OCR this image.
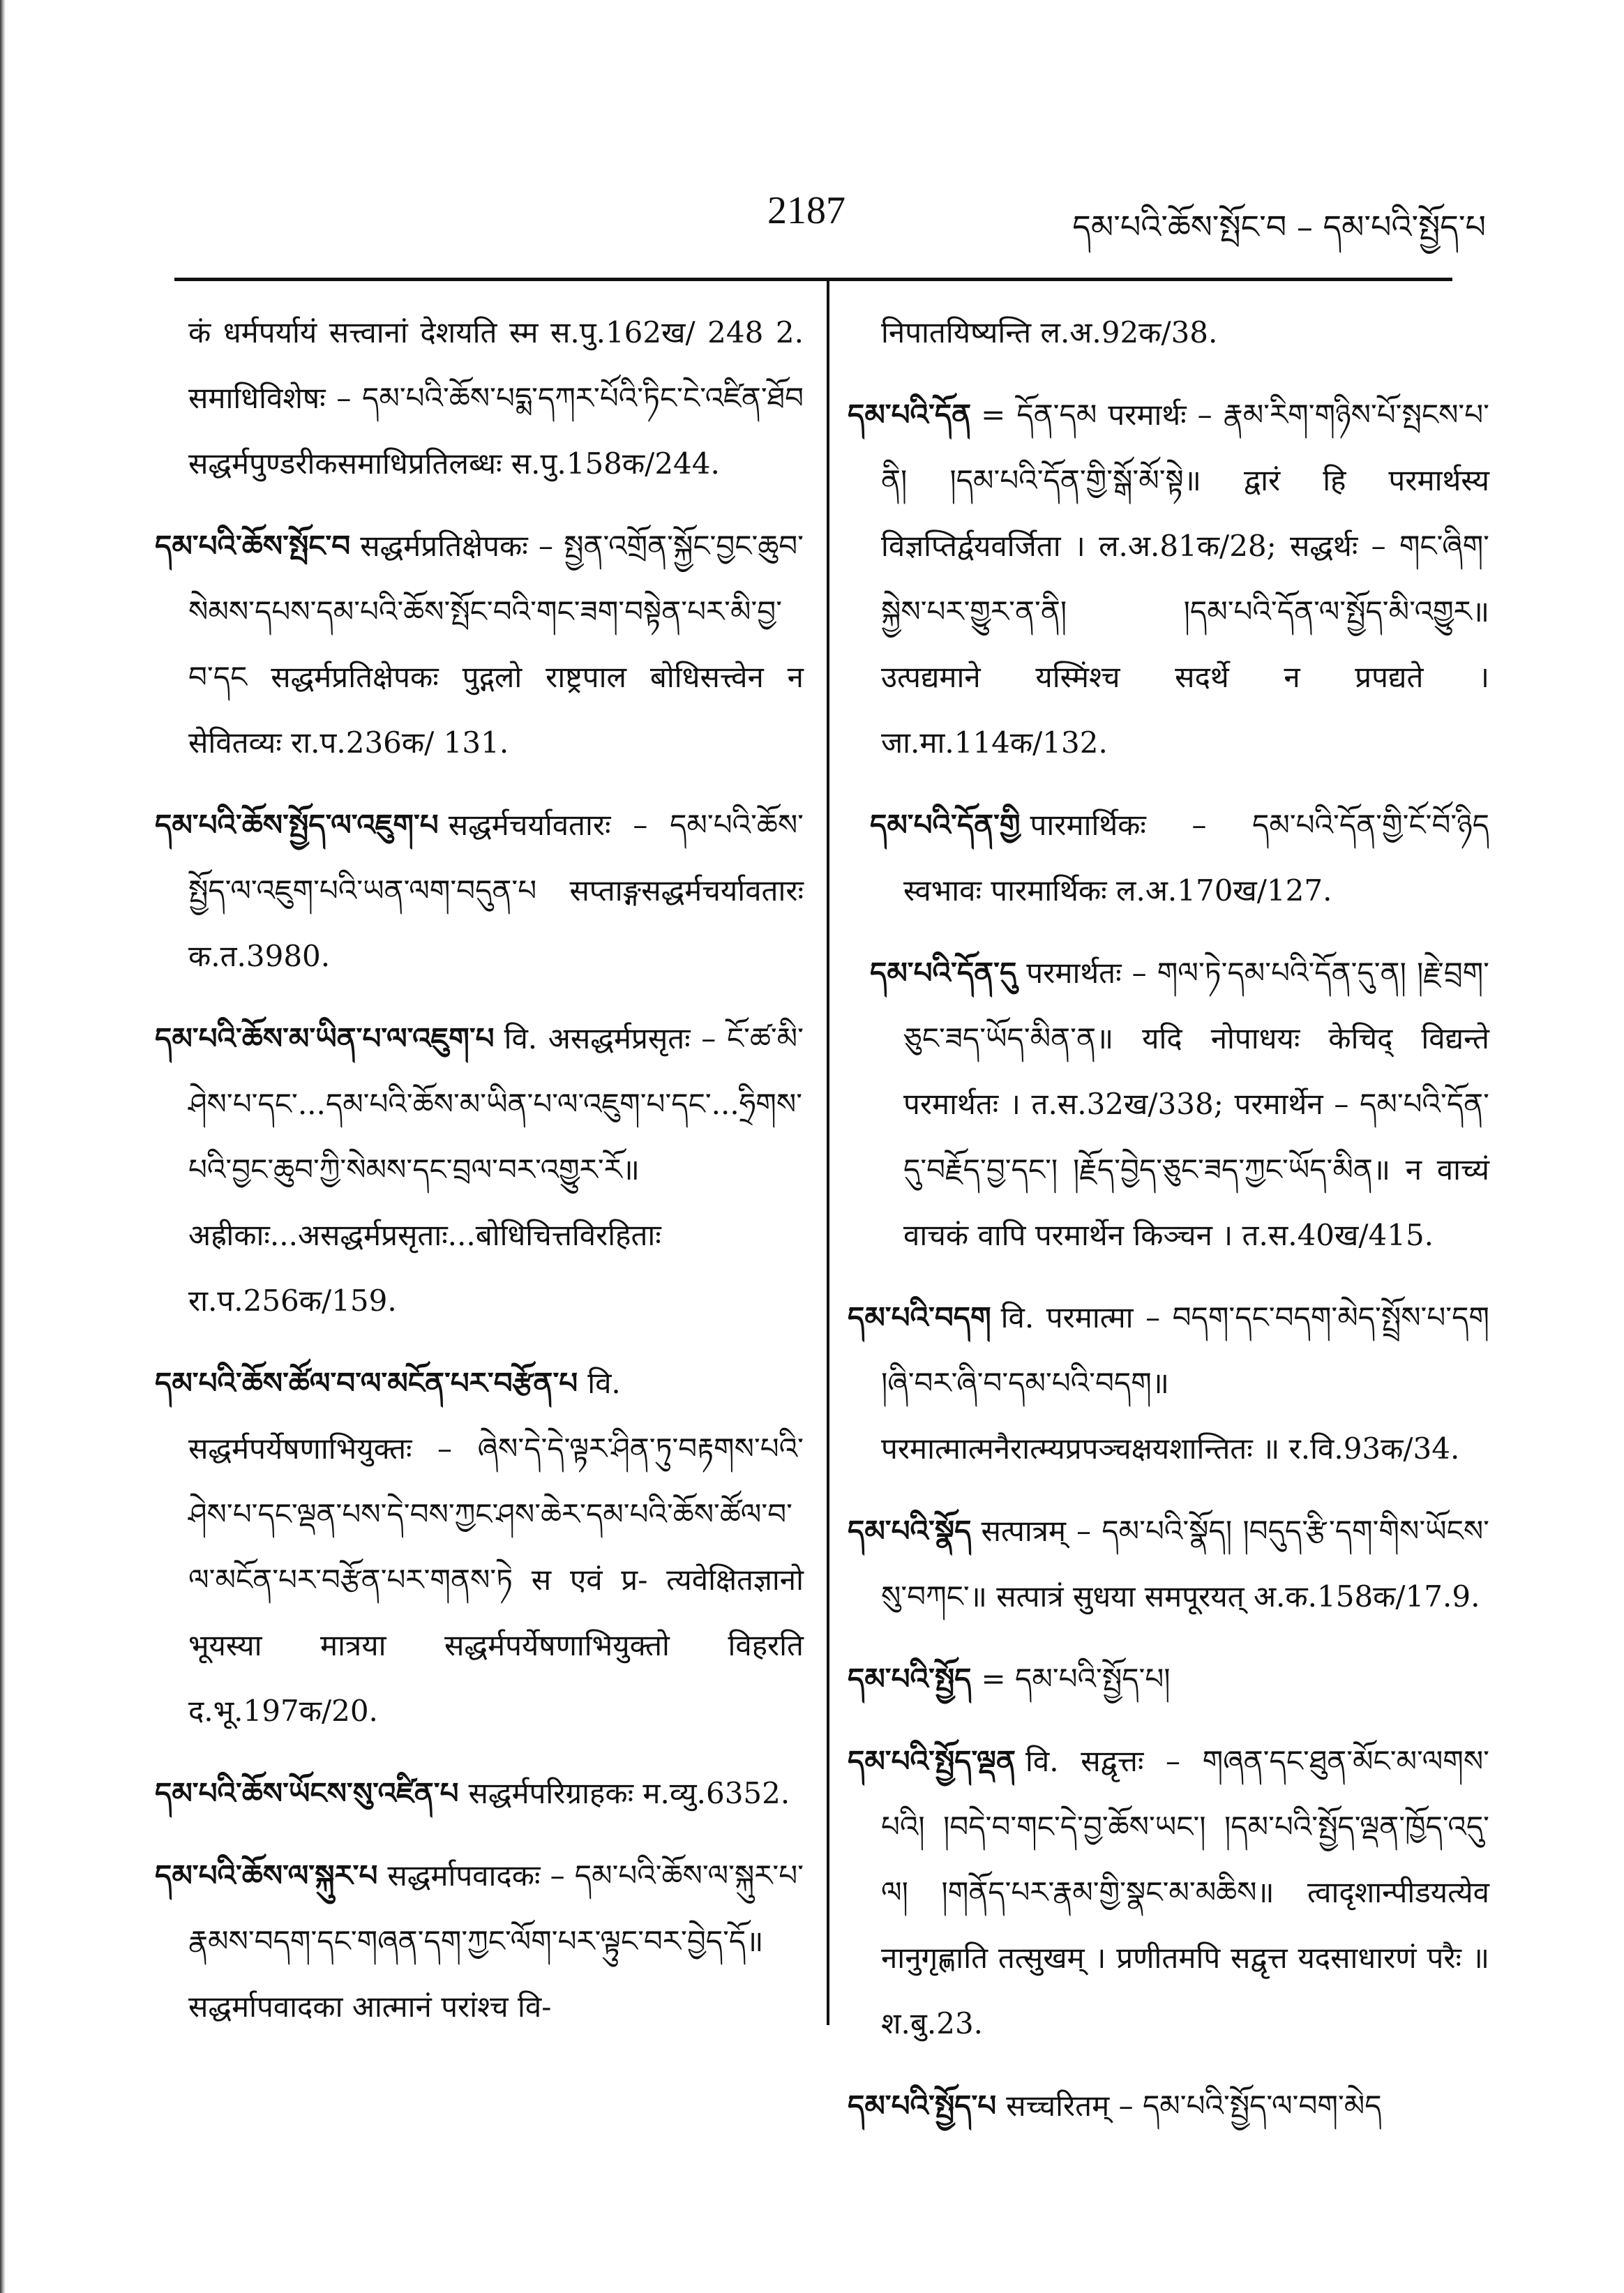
2187	དམ་པའི་ཆོས་སྤོང་བ – དམ་པའི་སྤྱོད་པ

कं धर्मपर्यायं सत्त्वानां देशयति स्म स.पु.162ख/ 248 2. समाधिविशेषः – དམ་པའི་ཆོས་པདྨ་དཀར་པོའི་ཏིང་ངེ་འཛིན་ཐོབ सद्धर्मपुण्डरीकसमाधिप्रतिलब्धः स.पु.158क/244.

དམ་པའི་ཆོས་སྤོང་བ सद्धर्मप्रतिक्षेपकः – སྤྱན་འགྲོན་སྐྱོང་བྱང་ཆུབ་སེམས་དཔས་དམ་པའི་ཆོས་སྤོང་བའི་གང་ཟག་བསྟེན་པར་མི་བྱ་བ་དང सद्धर्मप्रतिक्षेपकः पुद्गलो राष्ट्रपाल बोधिसत्त्वेन न सेवितव्यः रा.प.236क/ 131.

དམ་པའི་ཆོས་སྤྱོད་ལ་འཇུག་པ सद्धर्मचर्यावतारः – དམ་པའི་ཆོས་སྤྱོད་ལ་འཇུག་པའི་ཡན་ལག་བདུན་པ सप्ताङ्गसद्धर्मचर्यावतारः क.त.3980.

དམ་པའི་ཆོས་མ་ཡིན་པ་ལ་འཇུག་པ वि. असद्धर्मप्रसृतः – ངོ་ཚ་མི་ཤེས་པ་དང་...དམ་པའི་ཆོས་མ་ཡིན་པ་ལ་འཇུག་པ་དང་...ཧྲིགས་པའི་བྱང་ཆུབ་ཀྱི་སེམས་དང་བྲལ་བར་འགྱུར་རོ॥ अह्रीकाः...असद्धर्मप्रसृताः...बोधिचित्तविरहिताः रा.प.256क/159.

དམ་པའི་ཆོས་ཚོལ་བ་ལ་མངོན་པར་བརྩོན་པ वि. सद्धर्मपर्येषणाभियुक्तः – ཞེས་དེ་དེ་ལྟར་ཤིན་ཏུ་བརྟགས་པའི་ཤེས་པ་དང་ལྡན་པས་དེ་བས་ཀྱང་ཤས་ཆེར་དམ་པའི་ཆོས་ཚོལ་བ་ལ་མངོན་པར་བརྩོན་པར་གནས་ཏེ स एवं प्र- त्यवेक्षितज्ञानो भूयस्या मात्रया सद्धर्मपर्येषणाभियुक्तो विहरति द.भू.197क/20.

དམ་པའི་ཆོས་ཡོངས་སུ་འཛིན་པ सद्धर्मपरिग्राहकः म.व्यु.6352.

དམ་པའི་ཆོས་ལ་སྐུར་པ सद्धर्मापवादकः – དམ་པའི་ཆོས་ལ་སྐུར་པ་རྣམས་བདག་དང་གཞན་དག་ཀྱང་ལོག་པར་ལྟུང་བར་བྱེད་དོ॥ सद्धर्मापवादका आत्मानं परांश्च वि-

निपातयिष्यन्ति ल.अ.92क/38.

དམ་པའི་དོན = དོན་དམ परमार्थः – རྣམ་རིག་གཉིས་པོ་སྤངས་པ་ནི། །དམ་པའི་དོན་གྱི་སྒོ་མོ་སྟེ॥ द्वारं हि परमार्थस्य विज्ञप्तिर्द्वयवर्जिता । ल.अ.81क/28; सद्धर्थः – གང་ཞིག་སྐྱེས་པར་གྱུར་ན་ནི། །དམ་པའི་དོན་ལ་སྤྱོད་མི་འགྱུར॥ उत्पद्यमाने यस्मिंश्च सदर्थे न प्रपद्यते । जा.मा.114क/132.

དམ་པའི་དོན་གྱི पारमार्थिकः – དམ་པའི་དོན་གྱི་ངོ་བོ་ཉིད स्वभावः पारमार्थिकः ल.अ.170ख/127.

དམ་པའི་དོན་དུ परमार्थतः – གལ་ཏེ་དམ་པའི་དོན་དུ་ན། །རྗེ་བྲག་ཅུང་ཟད་ཡོད་མིན་ན॥ यदि नोपाधयः केचिद् विद्यन्ते परमार्थतः । त.स.32ख/338; परमार्थेन – དམ་པའི་དོན་དུ་བརྗོད་བྱ་དང་། །རྗོད་བྱེད་ཅུང་ཟད་ཀྱང་ཡོད་མིན॥ न वाच्यं वाचकं वापि परमार्थेन किञ्चन । त.स.40ख/415.

དམ་པའི་བདག वि. परमात्मा – བདག་དང་བདག་མེད་སྤྲོས་པ་དག །ཞི་བར་ཞི་བ་དམ་པའི་བདག॥ परमात्मात्मनैरात्म्यप्रपञ्चक्षयशान्तितः ॥ र.वि.93क/34.

དམ་པའི་སྣོད सत्पात्रम् – དམ་པའི་སྣོད། །བདུད་རྩི་དག་གིས་ཡོངས་སུ་བཀང་॥ सत्पात्रं सुधया समपूरयत् अ.क.158क/17.9.

དམ་པའི་སྤྱོད = དམ་པའི་སྤྱོད་པ།

དམ་པའི་སྤྱོད་ལྡན वि. सद्वृत्तः – གཞན་དང་ཐུན་མོང་མ་ལགས་པའི། །བདེ་བ་གང་དེ་བྱ་ཆོས་ཡང་། །དམ་པའི་སྤྱོད་ལྡན་ཁྱོད་འདུ་ལ། །གནོད་པར་རྣམ་གྱི་སྣང་མ་མཆིས॥ त्वादृशान्पीडयत्येव नानुगृह्णाति तत्सुखम् । प्रणीतमपि सद्वृत्त यदसाधारणं परैः ॥ श.बु.23.

དམ་པའི་སྤྱོད་པ सच्चरितम् – དམ་པའི་སྤྱོད་ལ་བག་མེད
